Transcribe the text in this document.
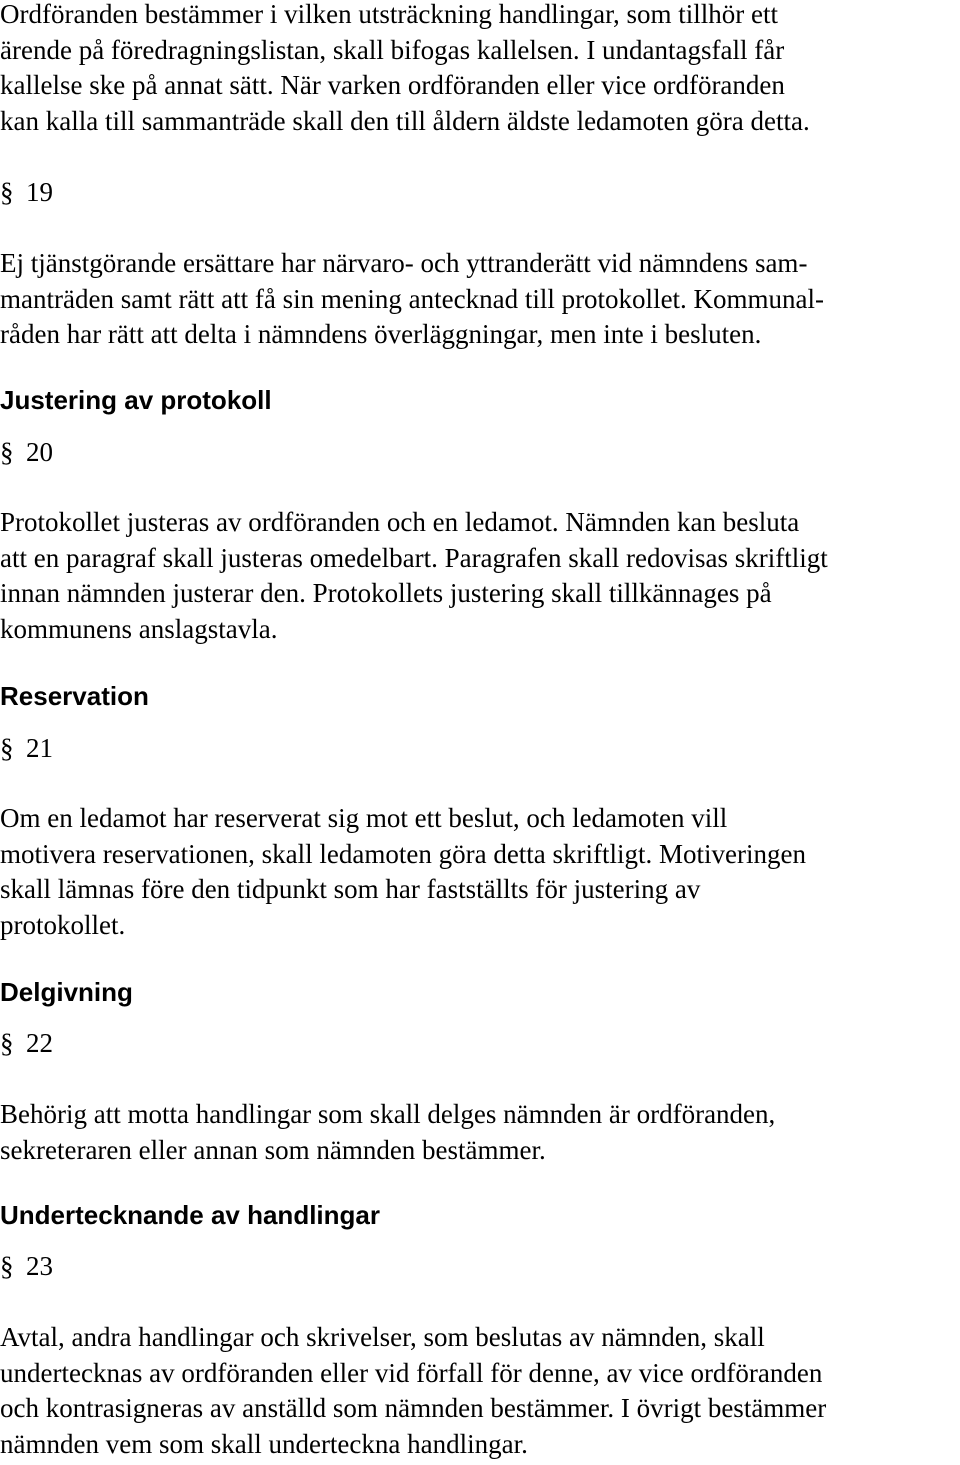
Ordföranden bestämmer i vilken utsträckning handlingar, som tillhör ett
ärende på föredragningslistan, skall bifogas kallelsen. I undantagsfall får
kallelse ske på annat sätt. När varken ordföranden eller vice ordföranden
kan kalla till sammanträde skall den till åldern äldste ledamoten göra detta.
§ 19
Ej tjänstgörande ersättare har närvaro- och yttranderätt vid nämndens sam-
manträden samt rätt att få sin mening antecknad till protokollet. Kommunal-
råden har rätt att delta i nämndens överläggningar, men inte i besluten.
Justering av protokoll
§ 20
Protokollet justeras av ordföranden och en ledamot. Nämnden kan besluta
att en paragraf skall justeras omedelbart. Paragrafen skall redovisas skriftligt
innan nämnden justerar den. Protokollets justering skall tillkännages på
kommunens anslagstavla.
Reservation
§ 21
Om en ledamot har reserverat sig mot ett beslut, och ledamoten vill
motivera reservationen, skall ledamoten göra detta skriftligt. Motiveringen
skall lämnas före den tidpunkt som har fastställts för justering av
protokollet.
Delgivning
§ 22
Behörig att motta handlingar som skall delges nämnden är ordföranden,
sekreteraren eller annan som nämnden bestämmer.
Undertecknande av handlingar
§ 23
Avtal, andra handlingar och skrivelser, som beslutas av nämnden, skall
undertecknas av ordföranden eller vid förfall för denne, av vice ordföranden
och kontrasigneras av anställd som nämnden bestämmer. I övrigt bestämmer
nämnden vem som skall underteckna handlingar.
